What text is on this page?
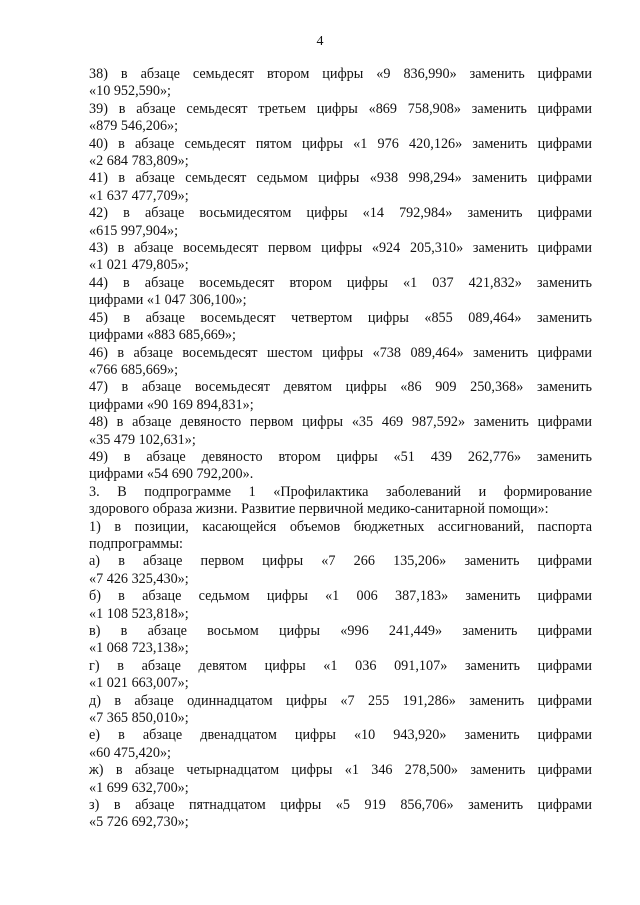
4

38) в абзаце семьдесят втором цифры «9 836,990» заменить цифрами
«10 952,590»;

39) в абзаце семьдесят третьем цифры «869 758,908» заменить цифрами
«879 546,206»;

40) в абзаце семьдесят пятом цифры «1 976 420,126» заменить цифрами
«2 684 783,809»;

41) в абзаце семьдесят седьмом цифры «938 998,294» заменить цифрами
«1 637 477,709»;

42) в абзаце восьмидесятом цифры «14 792,984» заменить цифрами
«615 997,904»;

43) в абзаце восемьдесят первом цифры «924 205,310» заменить цифрами
«1 021 479,805»;

44) в абзаце восемьдесят втором цифры «1 037 421,832» заменить
цифрами «1 047 306,100»;

45) в абзаце восемьдесят четвертом цифры «855 089,464» заменить
цифрами «883 685,669»;

46) в абзаце восемьдесят шестом цифры «738 089,464» заменить цифрами
«766 685,669»;

47) в абзаце восемьдесят девятом цифры «86 909 250,368» заменить
цифрами «90 169 894,831»;

48) в абзаце девяносто первом цифры «35 469 987,592» заменить цифрами
«35 479 102,631»;

49) в абзаце девяносто втором цифры «51 439 262,776» заменить
цифрами «54 690 792,200».

3. В подпрограмме 1 «Профилактика заболеваний и формирование
здорового образа жизни. Развитие первичной медико-санитарной помощи»:

1) в позиции, касающейся объемов бюджетных ассигнований, паспорта
подпрограммы:

а) в абзаце первом цифры «7 266 135,206» заменить цифрами
«7 426 325,430»;

б) в абзаце седьмом цифры «1 006 387,183» заменить цифрами
«1 108 523,818»;

в) в абзаце восьмом цифры «996 241,449» заменить цифрами
«1 068 723,138»;

г) в абзаце девятом цифры «1 036 091,107» заменить цифрами
«1 021 663,007»;

д) в абзаце одиннадцатом цифры «7 255 191,286» заменить цифрами
«7 365 850,010»;

е) в абзаце двенадцатом цифры «10 943,920» заменить цифрами
«60 475,420»;

ж) в абзаце четырнадцатом цифры «1 346 278,500» заменить цифрами
«1 699 632,700»;

з) в абзаце пятнадцатом цифры «5 919 856,706» заменить цифрами
«5 726 692,730»;
